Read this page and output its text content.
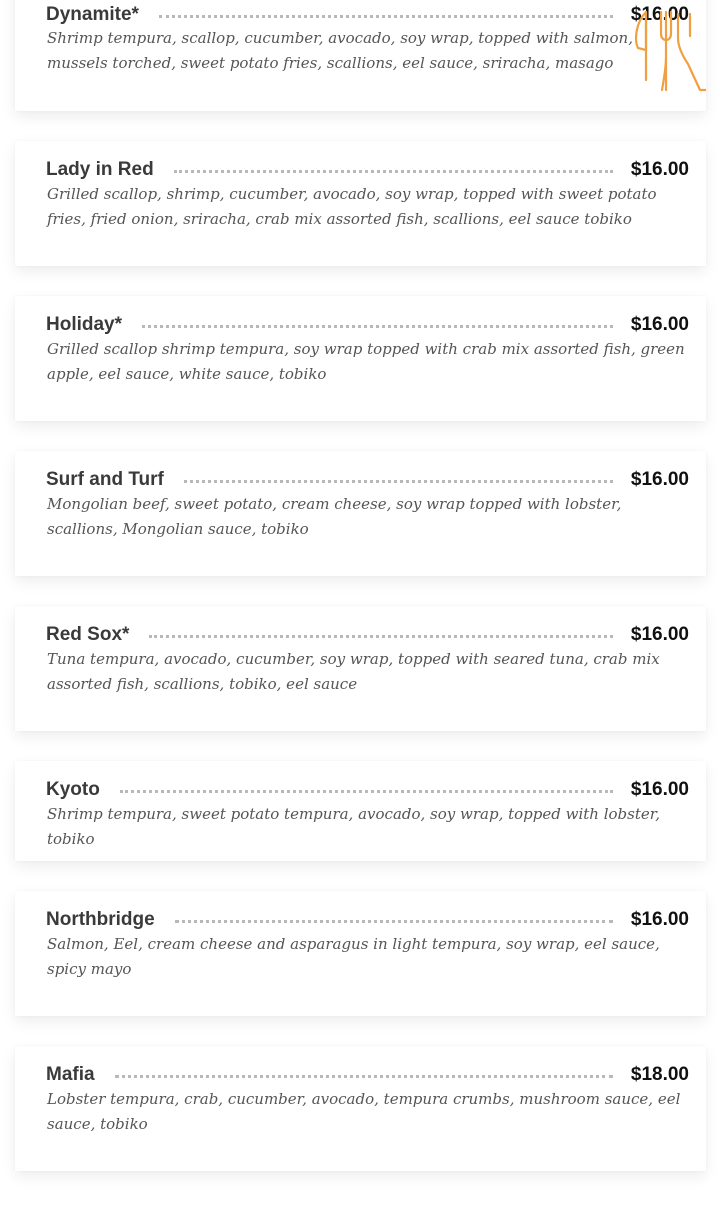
Dynamite*	$16.00

Shrimp tempura, scallop, cucumber, avocado, soy wrap, topped with salmon, mussels torched, sweet potato fries, scallions, eel sauce, sriracha, masago

Lady in Red	$16.00

Grilled scallop, shrimp, cucumber, avocado, soy wrap, topped with sweet potato fries, fried onion, sriracha, crab mix assorted fish, scallions, eel sauce tobiko

Holiday*	$16.00

Grilled scallop shrimp tempura, soy wrap topped with crab mix assorted fish, green apple, eel sauce, white sauce, tobiko

Surf and Turf	$16.00

Mongolian beef, sweet potato, cream cheese, soy wrap topped with lobster, scallions, Mongolian sauce, tobiko

Red Sox*	$16.00

Tuna tempura, avocado, cucumber, soy wrap, topped with seared tuna, crab mix assorted fish, scallions, tobiko, eel sauce

Kyoto	$16.00

Shrimp tempura, sweet potato tempura, avocado, soy wrap, topped with lobster, tobiko

Northbridge	$16.00

Salmon, Eel, cream cheese and asparagus in light tempura, soy wrap, eel sauce, spicy mayo

Mafia	$18.00

Lobster tempura, crab, cucumber, avocado, tempura crumbs, mushroom sauce, eel sauce, tobiko
